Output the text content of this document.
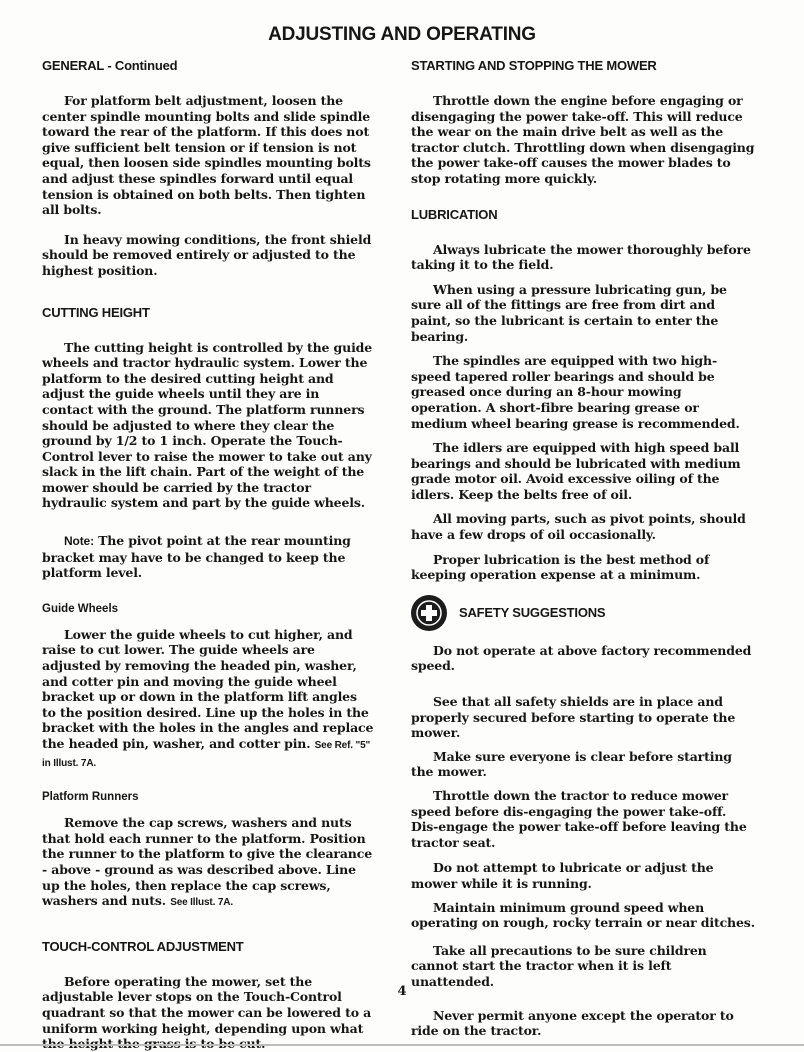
ADJUSTING AND OPERATING
GENERAL - Continued

For platform belt adjustment, loosen the center spindle mounting bolts and slide spindle toward the rear of the platform. If this does not give sufficient belt tension or if tension is not equal, then loosen side spindles mounting bolts and adjust these spindles forward until equal tension is obtained on both belts. Then tighten all bolts.

In heavy mowing conditions, the front shield should be removed entirely or adjusted to the highest position.

CUTTING HEIGHT

The cutting height is controlled by the guide wheels and tractor hydraulic system. Lower the platform to the desired cutting height and adjust the guide wheels until they are in contact with the ground. The platform runners should be adjusted to where they clear the ground by 1/2 to 1 inch. Operate the Touch-Control lever to raise the mower to take out any slack in the lift chain. Part of the weight of the mower should be carried by the tractor hydraulic system and part by the guide wheels.

Note: The pivot point at the rear mounting bracket may have to be changed to keep the platform level.

Guide Wheels

Lower the guide wheels to cut higher, and raise to cut lower. The guide wheels are adjusted by removing the headed pin, washer, and cotter pin and moving the guide wheel bracket up or down in the platform lift angles to the position desired. Line up the holes in the bracket with the holes in the angles and replace the headed pin, washer, and cotter pin. See Ref. "5" in Illust. 7A.

Platform Runners

Remove the cap screws, washers and nuts that hold each runner to the platform. Position the runner to the platform to give the clearance - above - ground as was described above. Line up the holes, then replace the cap screws, washers and nuts. See Illust. 7A.

TOUCH-CONTROL ADJUSTMENT

Before operating the mower, set the adjustable lever stops on the Touch-Control quadrant so that the mower can be lowered to a uniform working height, depending upon what

STARTING AND STOPPING THE MOWER

Throttle down the engine before engaging or disengaging the power take-off. This will reduce the wear on the main drive belt as well as the tractor clutch. Throttling down when disengaging the power take-off causes the mower blades to stop rotating more quickly.

LUBRICATION

Always lubricate the mower thoroughly before taking it to the field.

When using a pressure lubricating gun, be sure all of the fittings are free from dirt and paint, so the lubricant is certain to enter the bearing.

The spindles are equipped with two high-speed tapered roller bearings and should be greased once during an 8-hour mowing operation. A short-fibre bearing grease or medium wheel bearing grease is recommended.

The idlers are equipped with high speed ball bearings and should be lubricated with medium grade motor oil. Avoid excessive oiling of the idlers. Keep the belts free of oil.

All moving parts, such as pivot points, should have a few drops of oil occasionally.

Proper lubrication is the best method of keeping operation expense at a minimum.

SAFETY SUGGESTIONS

Do not operate at above factory recommended speed.

See that all safety shields are in place and properly secured before starting to operate the mower.

Make sure everyone is clear before starting the mower.

Throttle down the tractor to reduce mower speed before dis-engaging the power take-off. Dis-engage the power take-off before leaving the tractor seat.

Do not attempt to lubricate or adjust the mower while it is running.

Maintain minimum ground speed when operating on rough, rocky terrain or near ditches.

Take all precautions to be sure children cannot start the tractor when it is left unattended.

Never permit anyone except the operator to ride on the tractor.

4
